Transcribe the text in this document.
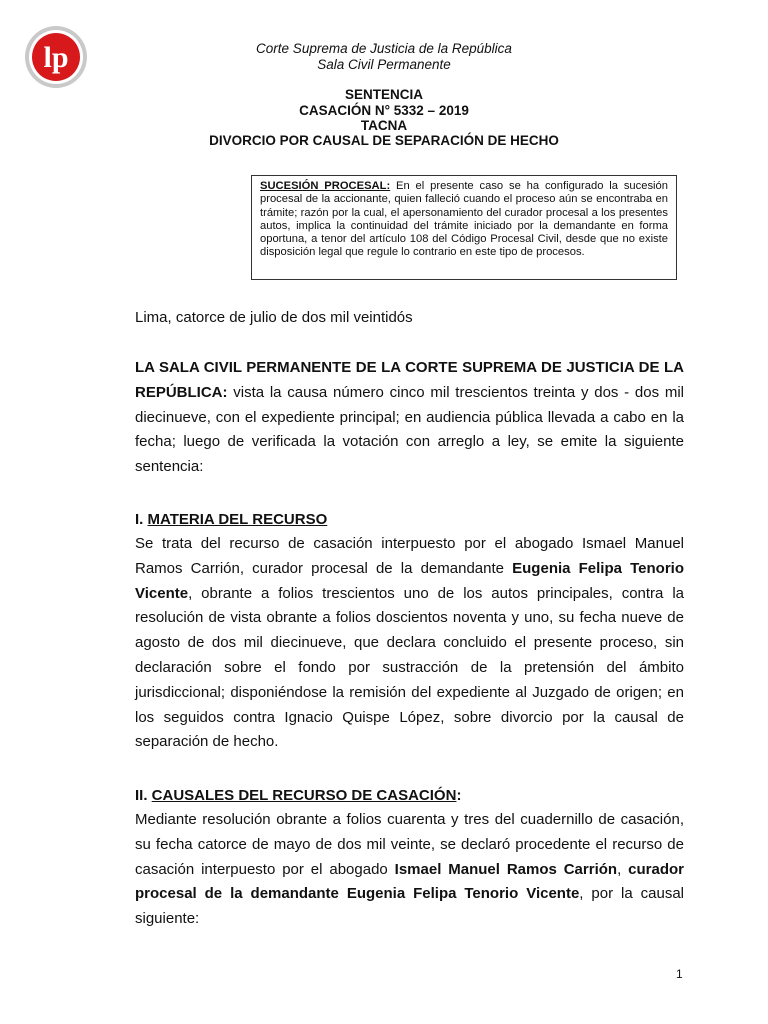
lp	Corte Suprema de Justicia de la República
Sala Civil Permanente
SENTENCIA
CASACIÓN N° 5332 – 2019
TACNA
DIVORCIO POR CAUSAL DE SEPARACIÓN DE HECHO
SUCESIÓN PROCESAL: En el presente caso se ha configurado la sucesión procesal de la accionante, quien falleció cuando el proceso aún se encontraba en trámite; razón por la cual, el apersonamiento del curador procesal a los presentes autos, implica la continuidad del trámite iniciado por la demandante en forma oportuna, a tenor del artículo 108 del Código Procesal Civil, desde que no existe disposición legal que regule lo contrario en este tipo de procesos.
Lima, catorce de julio de dos mil veintidós
LA SALA CIVIL PERMANENTE DE LA CORTE SUPREMA DE JUSTICIA DE LA REPÚBLICA: vista la causa número cinco mil trescientos treinta y dos - dos mil diecinueve, con el expediente principal; en audiencia pública llevada a cabo en la fecha; luego de verificada la votación con arreglo a ley, se emite la siguiente sentencia:
I. MATERIA DEL RECURSO
Se trata del recurso de casación interpuesto por el abogado Ismael Manuel Ramos Carrión, curador procesal de la demandante Eugenia Felipa Tenorio Vicente, obrante a folios trescientos uno de los autos principales, contra la resolución de vista obrante a folios doscientos noventa y uno, su fecha nueve de agosto de dos mil diecinueve, que declara concluido el presente proceso, sin declaración sobre el fondo por sustracción de la pretensión del ámbito jurisdiccional; disponiéndose la remisión del expediente al Juzgado de origen; en los seguidos contra Ignacio Quispe López, sobre divorcio por la causal de separación de hecho.
II. CAUSALES DEL RECURSO DE CASACIÓN:
Mediante resolución obrante a folios cuarenta y tres del cuadernillo de casación, su fecha catorce de mayo de dos mil veinte, se declaró procedente el recurso de casación interpuesto por el abogado Ismael Manuel Ramos Carrión, curador procesal de la demandante Eugenia Felipa Tenorio Vicente, por la causal siguiente:
1
